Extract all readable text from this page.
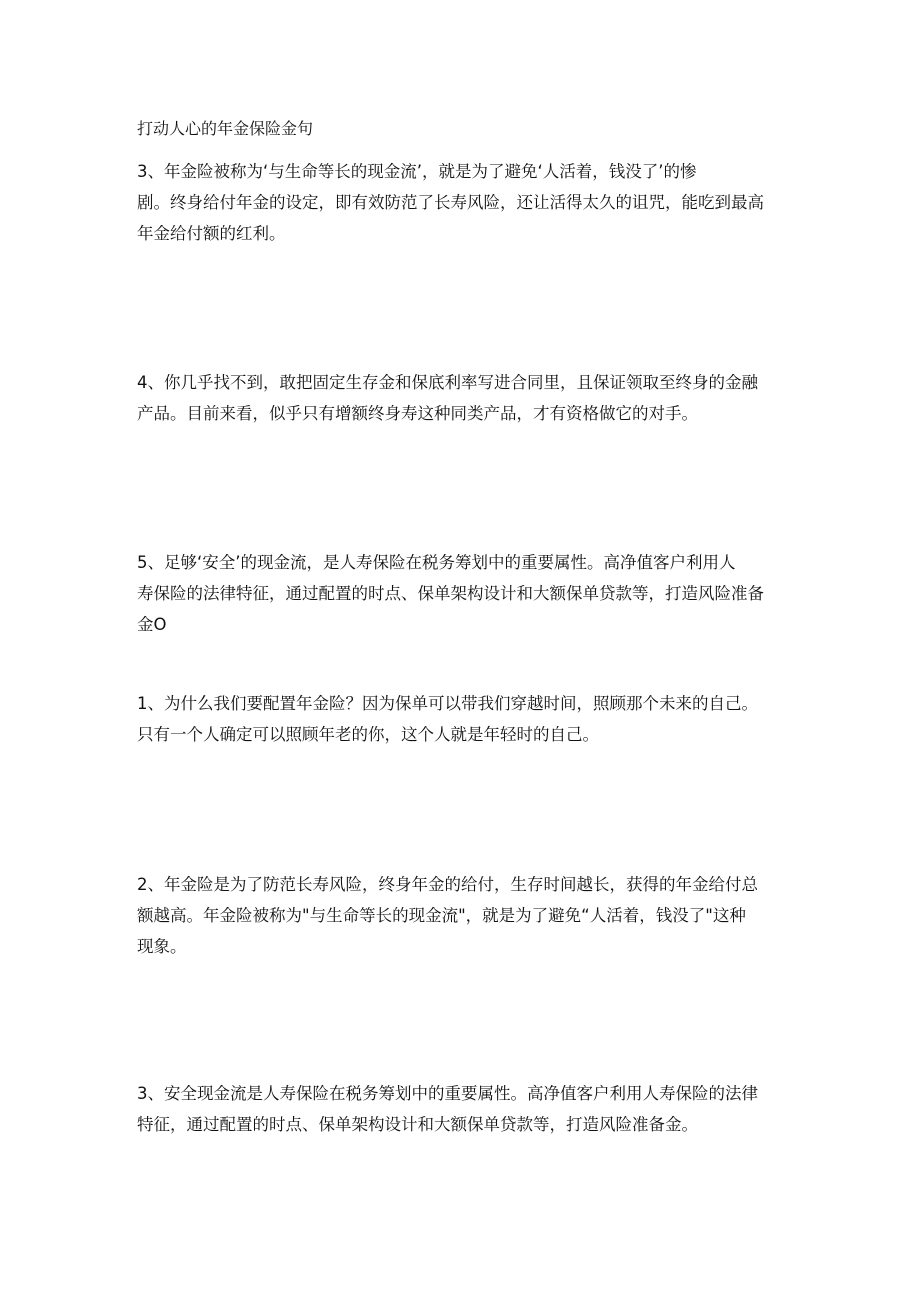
打动人心的年金保险金句

3、年金险被称为‘与生命等长的现金流’，就是为了避免‘人活着，钱没了’的惨
剧。终身给付年金的设定，即有效防范了长寿风险，还让活得太久的诅咒，能吃到最高
年金给付额的红利。

4、你几乎找不到，敢把固定生存金和保底利率写进合同里，且保证领取至终身的金融
产品。目前来看，似乎只有增额终身寿这种同类产品，才有资格做它的对手。

5、足够‘安全’的现金流，是人寿保险在税务筹划中的重要属性。高净值客户利用人
寿保险的法律特征，通过配置的时点、保单架构设计和大额保单贷款等，打造风险准备
金O

1、为什么我们要配置年金险？因为保单可以带我们穿越时间，照顾那个未来的自己。
只有一个人确定可以照顾年老的你，这个人就是年轻时的自己。

2、年金险是为了防范长寿风险，终身年金的给付，生存时间越长，获得的年金给付总
额越高。年金险被称为"与生命等长的现金流"，就是为了避免“人活着，钱没了"这种
现象。

3、安全现金流是人寿保险在税务筹划中的重要属性。高净值客户利用人寿保险的法律
特征，通过配置的时点、保单架构设计和大额保单贷款等，打造风险准备金。
